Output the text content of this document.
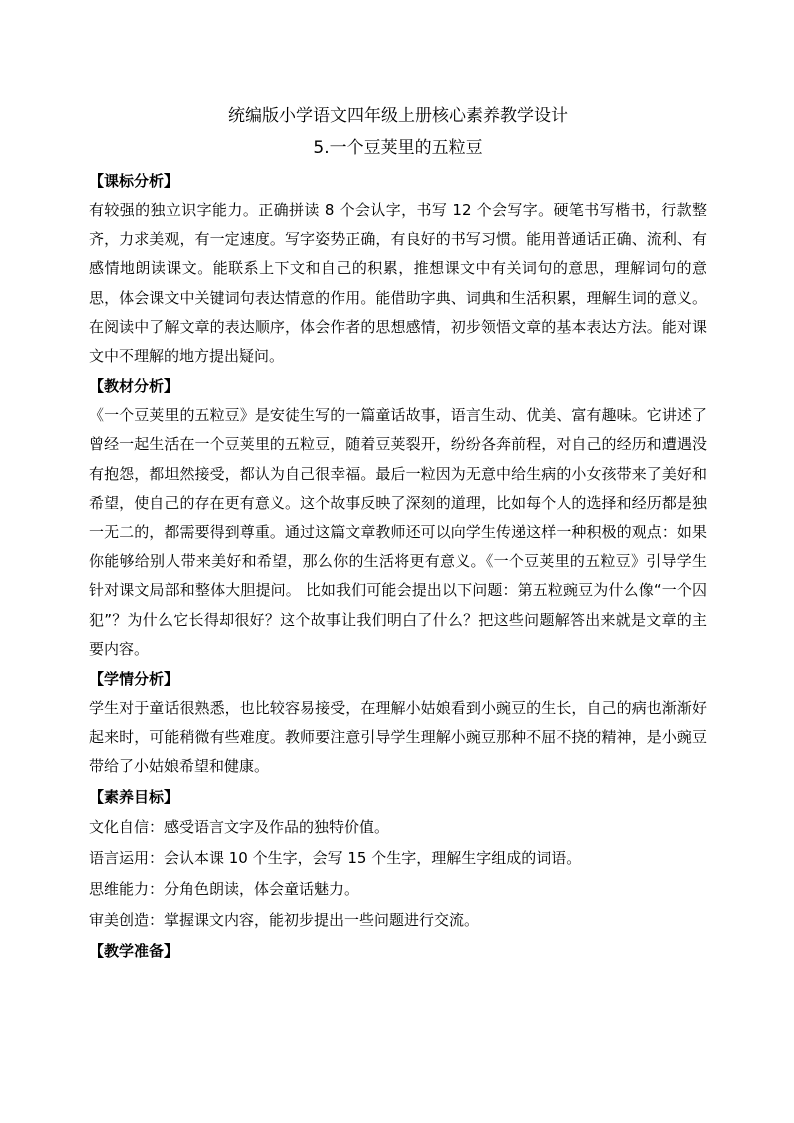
统编版小学语文四年级上册核心素养教学设计
5.一个豆荚里的五粒豆

【课标分析】

有较强的独立识字能力。正确拼读 8 个会认字，书写 12 个会写字。硬笔书写楷书，行款整齐，力求美观，有一定速度。写字姿势正确，有良好的书写习惯。能用普通话正确、流利、有感情地朗读课文。能联系上下文和自己的积累，推想课文中有关词句的意思，理解词句的意思，体会课文中关键词句表达情意的作用。能借助字典、词典和生活积累，理解生词的意义。在阅读中了解文章的表达顺序，体会作者的思想感情，初步领悟文章的基本表达方法。能对课文中不理解的地方提出疑问。

【教材分析】

《一个豆荚里的五粒豆》是安徒生写的一篇童话故事，语言生动、优美、富有趣味。它讲述了曾经一起生活在一个豆荚里的五粒豆，随着豆荚裂开，纷纷各奔前程，对自己的经历和遭遇没有抱怨，都坦然接受，都认为自己很幸福。最后一粒因为无意中给生病的小女孩带来了美好和希望，使自己的存在更有意义。这个故事反映了深刻的道理，比如每个人的选择和经历都是独一无二的，都需要得到尊重。通过这篇文章教师还可以向学生传递这样一种积极的观点：如果你能够给别人带来美好和希望，那么你的生活将更有意义。《一个豆荚里的五粒豆》引导学生针对课文局部和整体大胆提问。 比如我们可能会提出以下问题：第五粒豌豆为什么像“一个囚犯”？为什么它长得却很好？这个故事让我们明白了什么？把这些问题解答出来就是文章的主要内容。

【学情分析】

学生对于童话很熟悉，也比较容易接受，在理解小姑娘看到小豌豆的生长，自己的病也渐渐好起来时，可能稍微有些难度。教师要注意引导学生理解小豌豆那种不屈不挠的精神，是小豌豆带给了小姑娘希望和健康。

【素养目标】

文化自信：感受语言文字及作品的独特价值。

语言运用：会认本课 10 个生字，会写 15 个生字，理解生字组成的词语。

思维能力：分角色朗读，体会童话魅力。

审美创造：掌握课文内容，能初步提出一些问题进行交流。

【教学准备】
